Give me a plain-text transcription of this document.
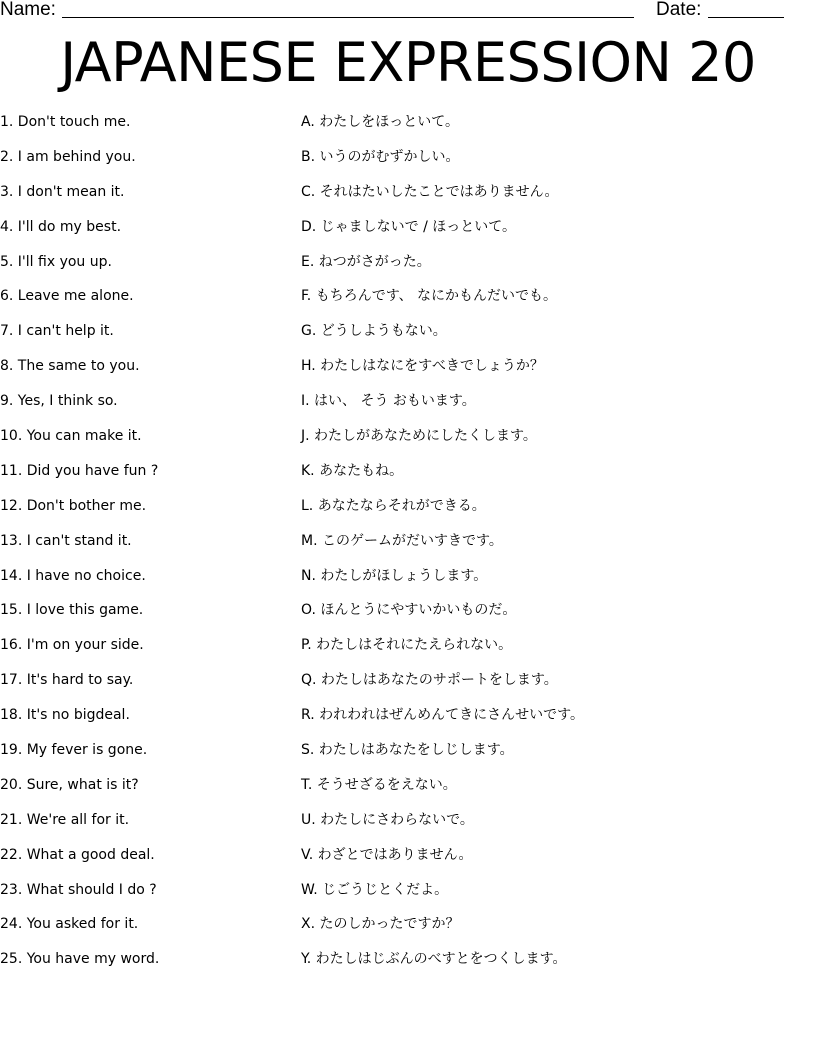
Name:	Date:
JAPANESE EXPRESSION 20
1. Don't touch me.
2. I am behind you.
3. I don't mean it.
4. I'll do my best.
5. I'll fix you up.
6. Leave me alone.
7. I can't help it.
8. The same to you.
9. Yes, I think so.
10. You can make it.
11. Did you have fun ?
12. Don't bother me.
13. I can't stand it.
14. I have no choice.
15. I love this game.
16. I'm on your side.
17. It's hard to say.
18. It's no bigdeal.
19. My fever is gone.
20. Sure, what is it?
21. We're all for it.
22. What a good deal.
23. What should I do ?
24. You asked for it.
25. You have my word.
A. わたしをほっといて。
B. いうのがむずかしい。
C. それはたいしたことではありません。
D. じゃましないで / ほっといて。
E. ねつがさがった。
F. もちろんです、 なにかもんだいでも。
G. どうしようもない。
H. わたしはなにをすべきでしょうか？
I. はい、 そう おもいます。
J. わたしがあなためにしたくします。
K. あなたもね。
L. あなたならそれができる。
M. このゲームがだいすきです。
N. わたしがほしょうします。
O. ほんとうにやすいかいものだ。
P. わたしはそれにたえられない。
Q. わたしはあなたのサポートをします。
R. われわれはぜんめんてきにさんせいです。
S. わたしはあなたをしじします。
T. そうせざるをえない。
U. わたしにさわらないで。
V. わざとではありません。
W. じごうじとくだよ。
X. たのしかったですか？
Y. わたしはじぶんのべすとをつくします。
